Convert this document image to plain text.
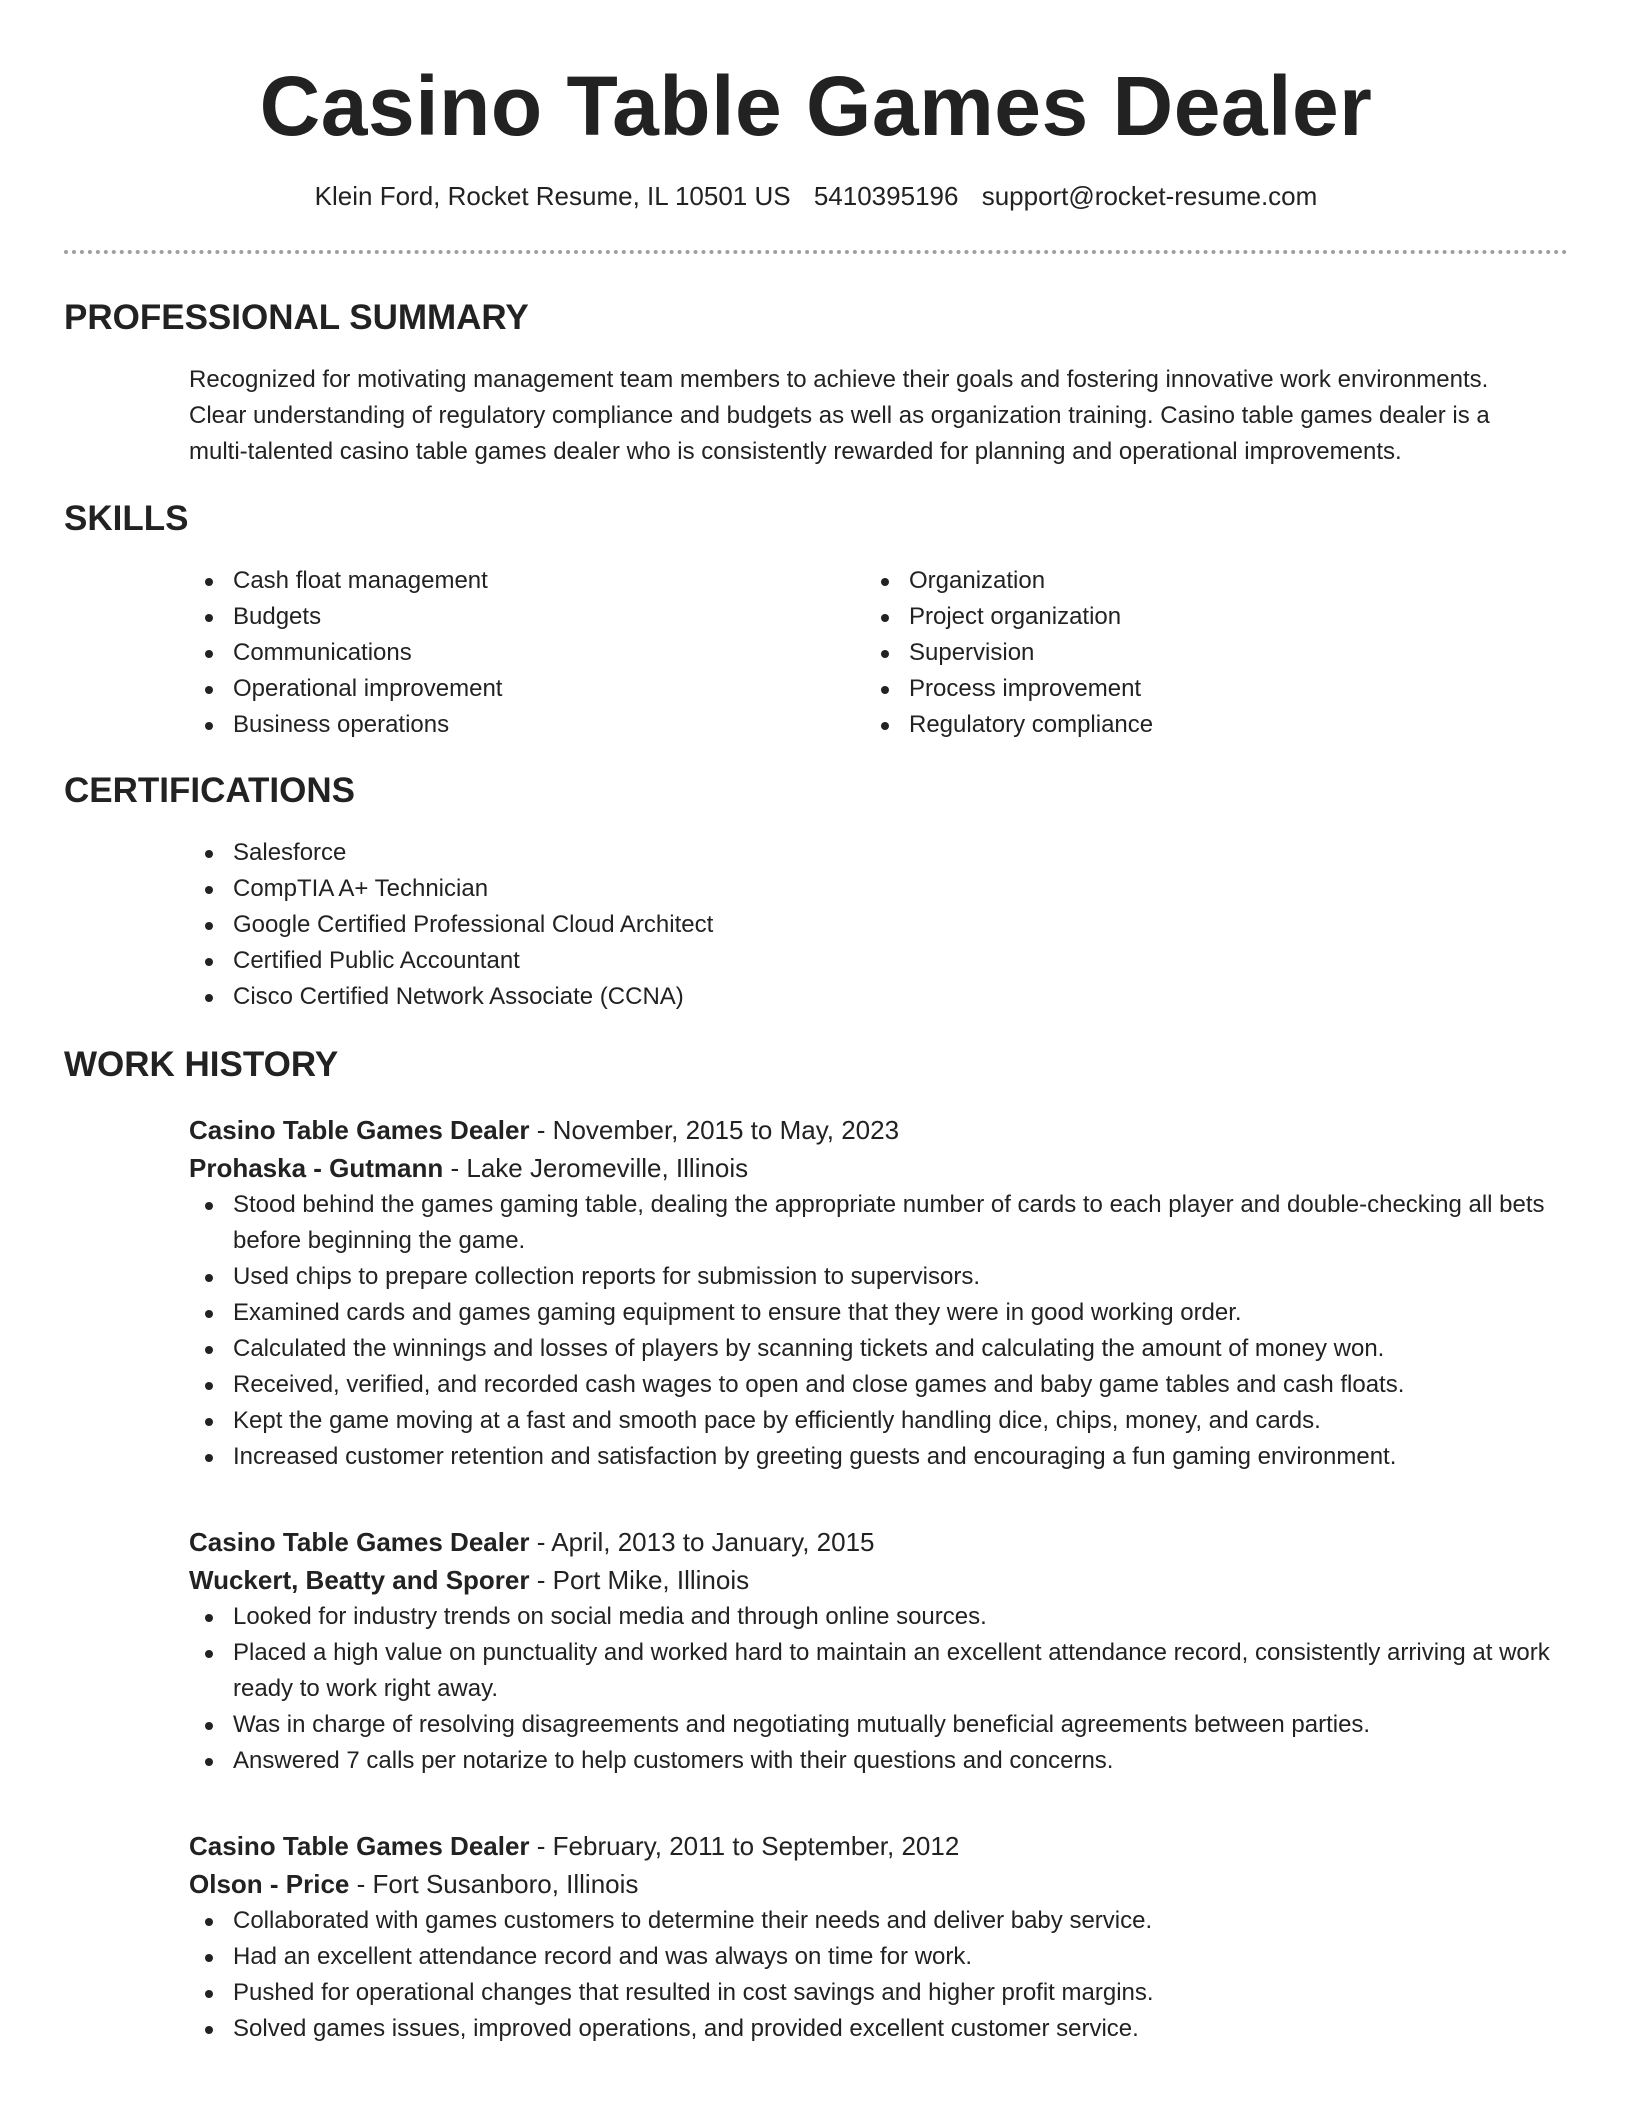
Casino Table Games Dealer
Klein Ford, Rocket Resume, IL 10501 US 5410395196 support@rocket-resume.com
PROFESSIONAL SUMMARY

Recognized for motivating management team members to achieve their goals and fostering innovative work environments. Clear understanding of regulatory compliance and budgets as well as organization training. Casino table games dealer is a multi-talented casino table games dealer who is consistently rewarded for planning and operational improvements.

SKILLS
Cash float management
Budgets
Communications
Operational improvement
Business operations
Organization
Project organization
Supervision
Process improvement
Regulatory compliance
CERTIFICATIONS
Salesforce
CompTIA A+ Technician
Google Certified Professional Cloud Architect
Certified Public Accountant
Cisco Certified Network Associate (CCNA)
WORK HISTORY

Casino Table Games Dealer - November, 2015 to May, 2023

Prohaska - Gutmann - Lake Jeromeville, Illinois

Stood behind the games gaming table, dealing the appropriate number of cards to each player and double-checking all bets before beginning the game.
Used chips to prepare collection reports for submission to supervisors.
Examined cards and games gaming equipment to ensure that they were in good working order.
Calculated the winnings and losses of players by scanning tickets and calculating the amount of money won.
Received, verified, and recorded cash wages to open and close games and baby game tables and cash floats.
Kept the game moving at a fast and smooth pace by efficiently handling dice, chips, money, and cards.
Increased customer retention and satisfaction by greeting guests and encouraging a fun gaming environment.

Casino Table Games Dealer - April, 2013 to January, 2015

Wuckert, Beatty and Sporer - Port Mike, Illinois

Looked for industry trends on social media and through online sources.
Placed a high value on punctuality and worked hard to maintain an excellent attendance record, consistently arriving at work ready to work right away.
Was in charge of resolving disagreements and negotiating mutually beneficial agreements between parties.
Answered 7 calls per notarize to help customers with their questions and concerns.

Casino Table Games Dealer - February, 2011 to September, 2012

Olson - Price - Fort Susanboro, Illinois

Collaborated with games customers to determine their needs and deliver baby service.
Had an excellent attendance record and was always on time for work.
Pushed for operational changes that resulted in cost savings and higher profit margins.
Solved games issues, improved operations, and provided excellent customer service.
